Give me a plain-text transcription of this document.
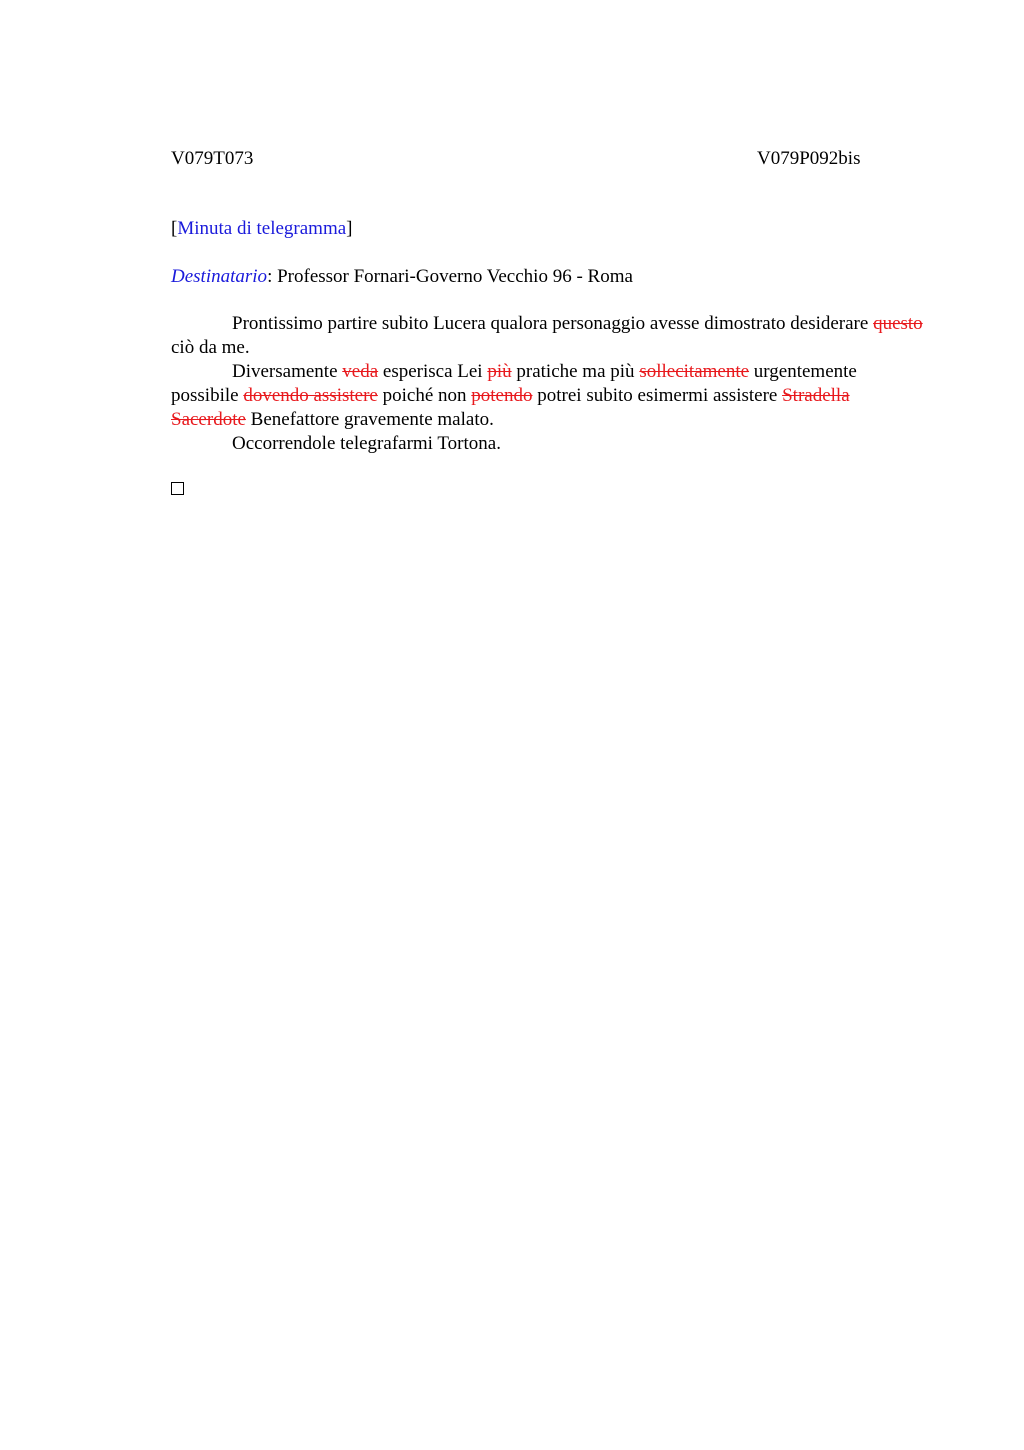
V079T073	V079P092bis
[Minuta di telegramma]
Destinatario: Professor Fornari-Governo Vecchio 96 - Roma

Prontissimo partire subito Lucera qualora personaggio avesse dimostrato desiderare questo ciò da me.

Diversamente veda esperisca Lei più pratiche ma più sollecitamente urgentemente possibile dovendo assistere poiché non potendo potrei subito esimermi assistere Stradella Sacerdote Benefattore gravemente malato.

Occorrendole telegrafarmi Tortona.
